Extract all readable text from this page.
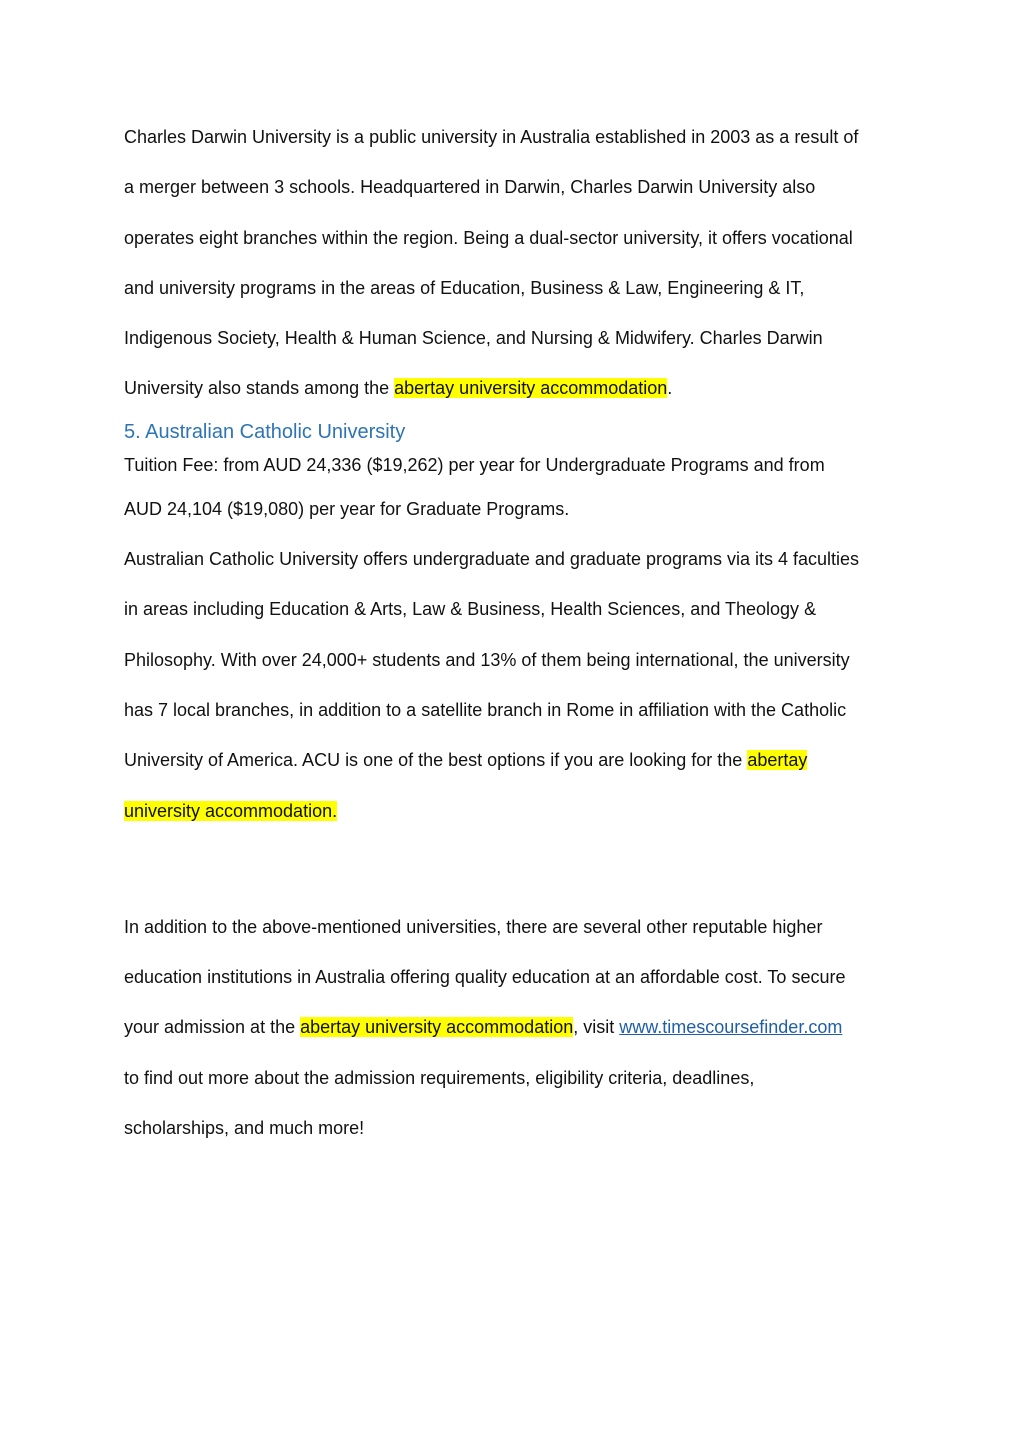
Charles Darwin University is a public university in Australia established in 2003 as a result of

a merger between 3 schools. Headquartered in Darwin, Charles Darwin University also

operates eight branches within the region. Being a dual-sector university, it offers vocational

and university programs in the areas of Education, Business & Law, Engineering & IT,

Indigenous Society, Health & Human Science, and Nursing & Midwifery. Charles Darwin

University also stands among the abertay university accommodation.

5. Australian Catholic University

Tuition Fee: from AUD 24,336 ($19,262) per year for Undergraduate Programs and from

AUD 24,104 ($19,080) per year for Graduate Programs.

Australian Catholic University offers undergraduate and graduate programs via its 4 faculties

in areas including Education & Arts, Law & Business, Health Sciences, and Theology &

Philosophy. With over 24,000+ students and 13% of them being international, the university

has 7 local branches, in addition to a satellite branch in Rome in affiliation with the Catholic

University of America. ACU is one of the best options if you are looking for the abertay

university accommodation.

In addition to the above-mentioned universities, there are several other reputable higher

education institutions in Australia offering quality education at an affordable cost. To secure

your admission at the abertay university accommodation, visit www.timescoursefinder.com

to find out more about the admission requirements, eligibility criteria, deadlines,

scholarships, and much more!
